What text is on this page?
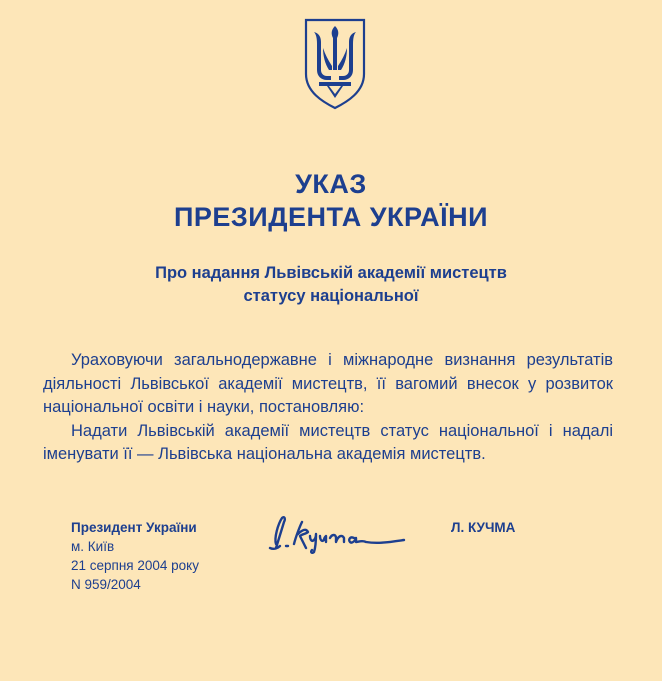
УКАЗ
ПРЕЗИДЕНТА УКРАЇНИ
Про надання Львівській академії мистецтв
статусу національної
Ураховуючи загальнодержавне і міжнародне визнання результатів
діяльності Львівської академії мистецтв, її вагомий внесок у розвиток
національної освіти і науки, постановляю:
Надати Львівській академії мистецтв статус національної і надалі
іменувати її — Львівська національна академія мистецтв.
Президент України
м. Київ
21 серпня 2004 року
N 959/2004
Л. КУЧМА
